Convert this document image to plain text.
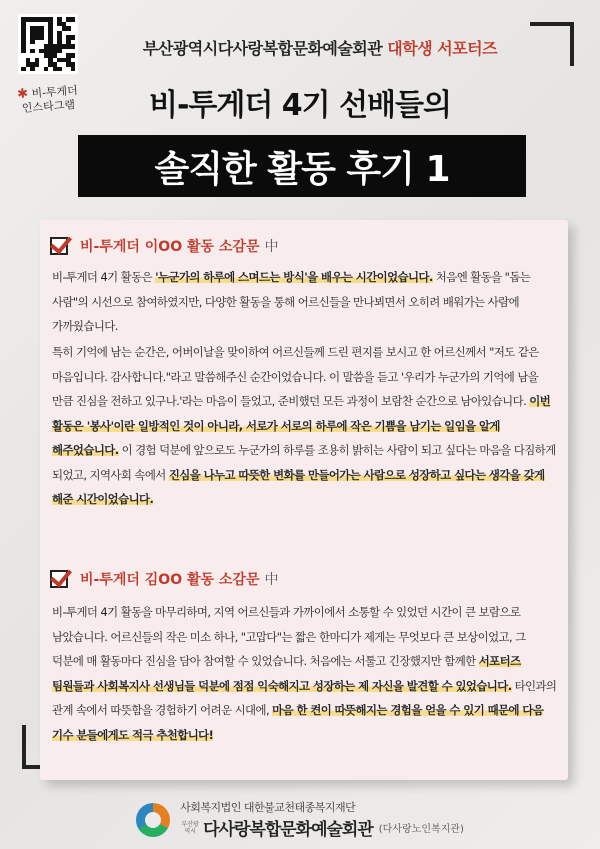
✱ 비-투게더
인스타그램
부산광역시다사랑복합문화예술회관 대학생 서포터즈
비-투게더 4기 선배들의
솔직한 활동 후기 1
비-투게더 이OO 활동 소감문 中
비-투게더 4기 활동은 '누군가의 하루에 스며드는 방식'을 배우는 시간이었습니다. 처음엔 활동을 "돕는 사람"의 시선으로 참여하였지만, 다양한 활동을 통해 어르신들을 만나뵈면서 오히려 배워가는 사람에 가까웠습니다.
특히 기억에 남는 순간은, 어버이날을 맞이하여 어르신들께 드린 편지를 보시고 한 어르신께서 "저도 같은 마음입니다. 감사합니다."라고 말씀해주신 순간이었습니다. 이 말씀을 듣고 '우리가 누군가의 기억에 남을 만큼 진심을 전하고 있구나.'라는 마음이 들었고, 준비했던 모든 과정이 보람찬 순간으로 남아있습니다. 이번 활동은 '봉사'이란 일방적인 것이 아니라, 서로가 서로의 하루에 작은 기쁨을 남기는 일임을 알게 해주었습니다. 이 경험 덕분에 앞으로도 누군가의 하루를 조용히 밝히는 사람이 되고 싶다는 마음을 다짐하게 되었고, 지역사회 속에서 진심을 나누고 따뜻한 변화를 만들어가는 사람으로 성장하고 싶다는 생각을 갖게 해준 시간이었습니다.
비-투게더 김OO 활동 소감문 中
비-투게더 4기 활동을 마무리하며, 지역 어르신들과 가까이에서 소통할 수 있었던 시간이 큰 보람으로 남았습니다. 어르신들의 작은 미소 하나, "고맙다"는 짧은 한마디가 제게는 무엇보다 큰 보상이었고, 그 덕분에 매 활동마다 진심을 담아 참여할 수 있었습니다. 처음에는 서툴고 긴장했지만 함께한 서포터즈 팀원들과 사회복지사 선생님들 덕분에 점점 익숙해지고 성장하는 제 자신을 발견할 수 있었습니다. 타인과의 관계 속에서 따뜻함을 경험하기 어려운 시대에, 마음 한 켠이 따뜻해지는 경험을 얻을 수 있기 때문에 다음 기수 분들에게도 적극 추천합니다!
사회복지법인 대한불교천태종복지재단
부산광역시 다사랑복합문화예술회관 (다사랑노인복지관)
